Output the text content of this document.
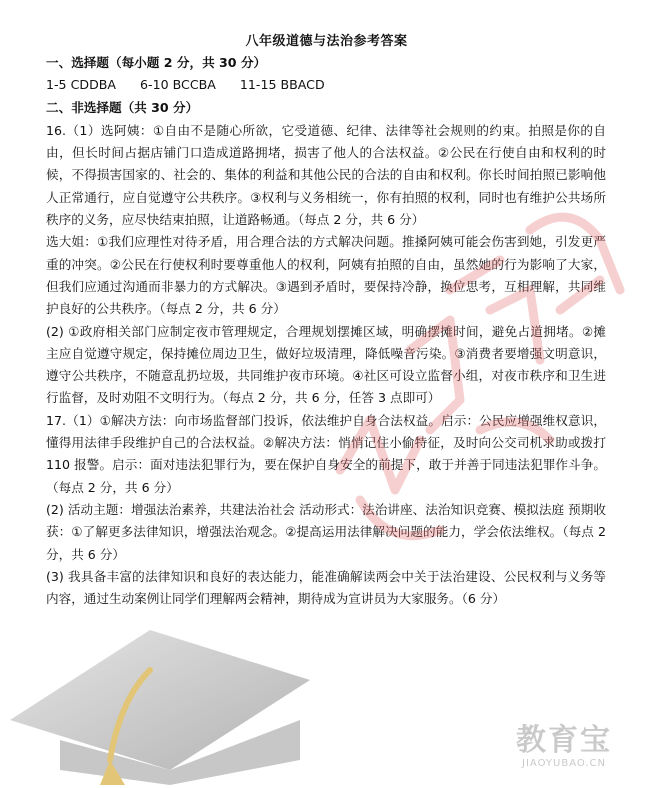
八年级道德与法治参考答案

一、选择题（每小题 2 分，共 30 分）

1-5 CDDBA      6-10 BCCBA      11-15 BBACD

二、非选择题（共 30 分）

16.（1）选阿姨：①自由不是随心所欲，它受道德、纪律、法律等社会规则的约束。拍照是你的自由，但长时间占据店铺门口造成道路拥堵，损害了他人的合法权益。②公民在行使自由和权利的时候，不得损害国家的、社会的、集体的利益和其他公民的合法的自由和权利。你长时间拍照已影响他人正常通行，应自觉遵守公共秩序。③权利与义务相统一，你有拍照的权利，同时也有维护公共场所秩序的义务，应尽快结束拍照，让道路畅通。（每点 2 分，共 6 分）

选大姐：①我们应理性对待矛盾，用合理合法的方式解决问题。推搡阿姨可能会伤害到她，引发更严重的冲突。②公民在行使权利时要尊重他人的权利，阿姨有拍照的自由，虽然她的行为影响了大家，但我们应通过沟通而非暴力的方式解决。③遇到矛盾时，要保持冷静，换位思考，互相理解，共同维护良好的公共秩序。（每点 2 分，共 6 分）

(2) ①政府相关部门应制定夜市管理规定，合理规划摆摊区域，明确摆摊时间，避免占道拥堵。②摊主应自觉遵守规定，保持摊位周边卫生，做好垃圾清理，降低噪音污染。③消费者要增强文明意识，遵守公共秩序，不随意乱扔垃圾，共同维护夜市环境。④社区可设立监督小组，对夜市秩序和卫生进行监督，及时劝阻不文明行为。（每点 2 分，共 6 分，任答 3 点即可）

17.（1）①解决方法：向市场监督部门投诉，依法维护自身合法权益。启示：公民应增强维权意识，懂得用法律手段维护自己的合法权益。②解决方法：悄悄记住小偷特征，及时向公交司机求助或拨打 110 报警。启示：面对违法犯罪行为，要在保护自身安全的前提下，敢于并善于同违法犯罪作斗争。（每点 2 分，共 6 分）

(2) 活动主题：增强法治素养，共建法治社会 活动形式：法治讲座、法治知识竞赛、模拟法庭 预期收获：①了解更多法律知识，增强法治观念。②提高运用法律解决问题的能力，学会依法维权。（每点 2 分，共 6 分）

(3) 我具备丰富的法律知识和良好的表达能力，能准确解读两会中关于法治建设、公民权利与义务等内容，通过生动案例让同学们理解两会精神，期待成为宣讲员为大家服务。（6 分）

教育宝
JIAOYUBAO.CN
